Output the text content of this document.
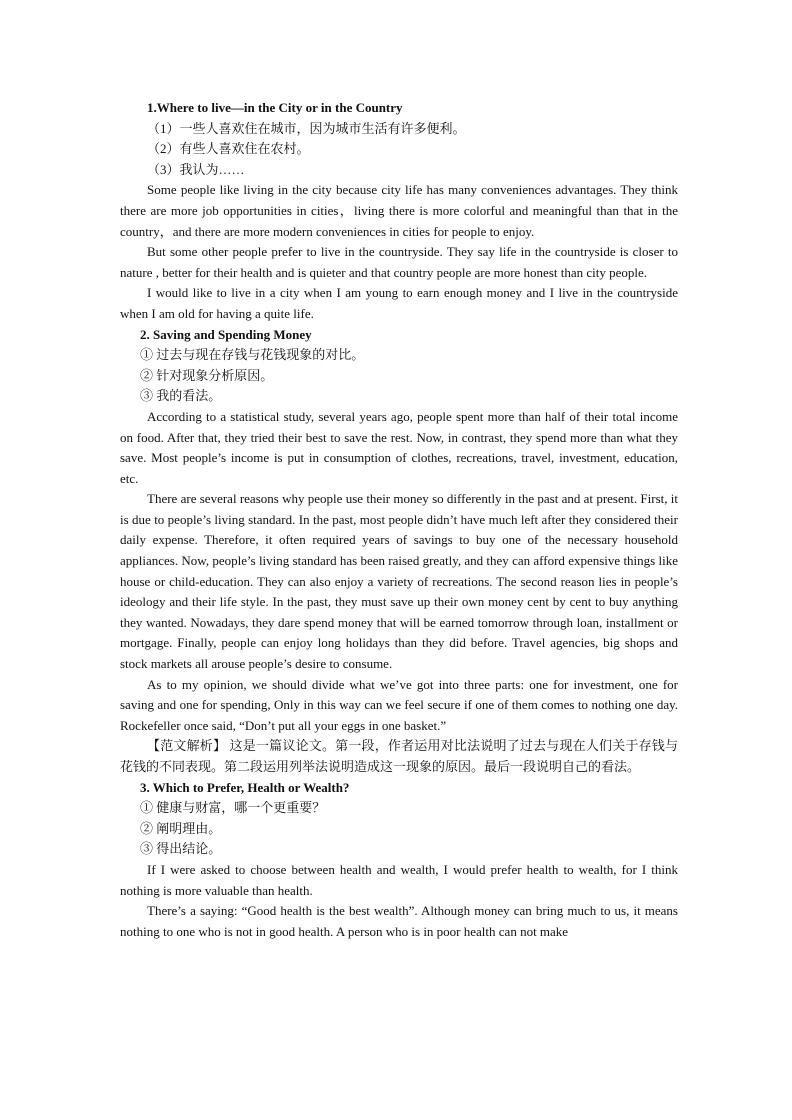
1.Where to live—in the City or in the Country

（1）一些人喜欢住在城市，因为城市生活有许多便利。

（2）有些人喜欢住在农村。

（3）我认为……

Some people like living in the city because city life has many conveniences advantages. They think there are more job opportunities in cities，living there is more colorful and meaningful than that in the country，and there are more modern conveniences in cities for people to enjoy.

But some other people prefer to live in the countryside. They say life in the countryside is closer to nature , better for their health and is quieter and that country people are more honest than city people.

I would like to live in a city when I am young to earn enough money and I live in the countryside when I am old for having a quite life.

2. Saving and Spending Money

① 过去与现在存钱与花钱现象的对比。

② 针对现象分析原因。

③ 我的看法。

According to a statistical study, several years ago, people spent more than half of their total income on food. After that, they tried their best to save the rest. Now, in contrast, they spend more than what they save. Most people’s income is put in consumption of clothes, recreations, travel, investment, education, etc.

There are several reasons why people use their money so differently in the past and at present. First, it is due to people’s living standard. In the past, most people didn’t have much left after they considered their daily expense. Therefore, it often required years of savings to buy one of the necessary household appliances. Now, people’s living standard has been raised greatly, and they can afford expensive things like house or child-education. They can also enjoy a variety of recreations. The second reason lies in people’s ideology and their life style. In the past, they must save up their own money cent by cent to buy anything they wanted. Nowadays, they dare spend money that will be earned tomorrow through loan, installment or mortgage. Finally, people can enjoy long holidays than they did before. Travel agencies, big shops and stock markets all arouse people’s desire to consume.

As to my opinion, we should divide what we’ve got into three parts: one for investment, one for saving and one for spending, Only in this way can we feel secure if one of them comes to nothing one day. Rockefeller once said, “Don’t put all your eggs in one basket.”

【范文解析】 这是一篇议论文。第一段，作者运用对比法说明了过去与现在人们关于存钱与花钱的不同表现。第二段运用列举法说明造成这一现象的原因。最后一段说明自己的看法。

3. Which to Prefer, Health or Wealth?

① 健康与财富，哪一个更重要？

② 阐明理由。

③ 得出结论。

If I were asked to choose between health and wealth, I would prefer health to wealth, for I think nothing is more valuable than health.

There’s a saying: “Good health is the best wealth”. Although money can bring much to us, it means nothing to one who is not in good health. A person who is in poor health can not make
